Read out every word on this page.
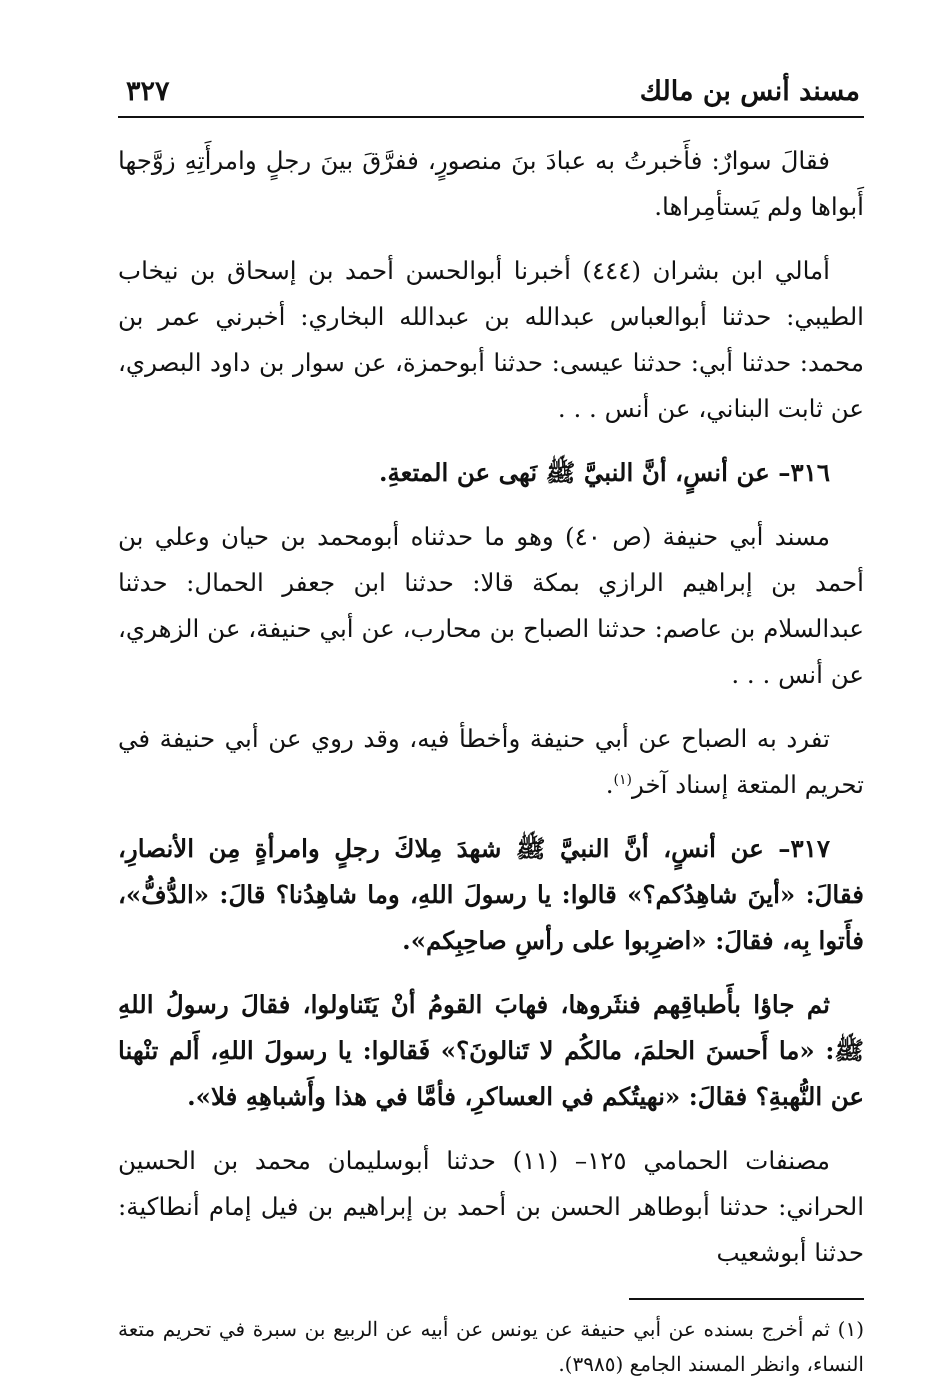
مسند أنس بن مالك
٣٢٧

فقالَ سوارٌ: فأَخبرتُ به عبادَ بنَ منصورٍ، ففرَّقَ بينَ رجلٍ وامرأَتِهِ زوَّجها أَبواها ولم يَستأمِراها.

أمالي ابن بشران (٤٤٤) أخبرنا أبوالحسن أحمد بن إسحاق بن نيخاب الطيبي: حدثنا أبوالعباس عبدالله بن عبدالله البخاري: أخبرني عمر بن محمد: حدثنا أبي: حدثنا عيسى: حدثنا أبوحمزة، عن سوار بن داود البصري، عن ثابت البناني، عن أنس . . .

٣١٦– عن أنسٍ، أنَّ النبيَّ ﷺ نَهى عن المتعةِ.

مسند أبي حنيفة (ص ٤٠) وهو ما حدثناه أبومحمد بن حيان وعلي بن أحمد بن إبراهيم الرازي بمكة قالا: حدثنا ابن جعفر الحمال: حدثنا عبدالسلام بن عاصم: حدثنا الصباح بن محارب، عن أبي حنيفة، عن الزهري، عن أنس . . .

تفرد به الصباح عن أبي حنيفة وأخطأ فيه، وقد روي عن أبي حنيفة في تحريم المتعة إسناد آخر$^{(١)}$.

٣١٧– عن أنسٍ، أنَّ النبيَّ ﷺ شهدَ مِلاكَ رجلٍ وامرأةٍ مِن الأنصارِ، فقالَ: «أينَ شاهِدُكم؟» قالوا: يا رسولَ اللهِ، وما شاهِدُنا؟ قالَ: «الدُّفُّ»، فأَتوا بِه، فقالَ: «اضرِبوا على رأسِ صاحِبِكم».

ثم جاؤا بأَطباقِهم فنثَروها، فهابَ القومُ أنْ يَتَناولوا، فقالَ رسولُ اللهِ ﷺ: «ما أَحسنَ الحلمَ، مالكُم لا تَنالونَ؟» فَقالوا: يا رسولَ اللهِ، أَلم تنْهنا عن النُّهبةِ؟ فقالَ: «نهيتُكم في العساكرِ، فأمَّا في هذا وأَشباهِهِ فلا».

مصنفات الحمامي ١٢٥– (١١) حدثنا أبوسليمان محمد بن الحسين الحراني: حدثنا أبوطاهر الحسن بن أحمد بن إبراهيم بن فيل إمام أنطاكية: حدثنا أبوشعيب

(١) ثم أخرج بسنده عن أبي حنيفة عن يونس عن أبيه عن الربيع بن سبرة في تحريم متعة النساء، وانظر المسند الجامع (٣٩٨٥).
